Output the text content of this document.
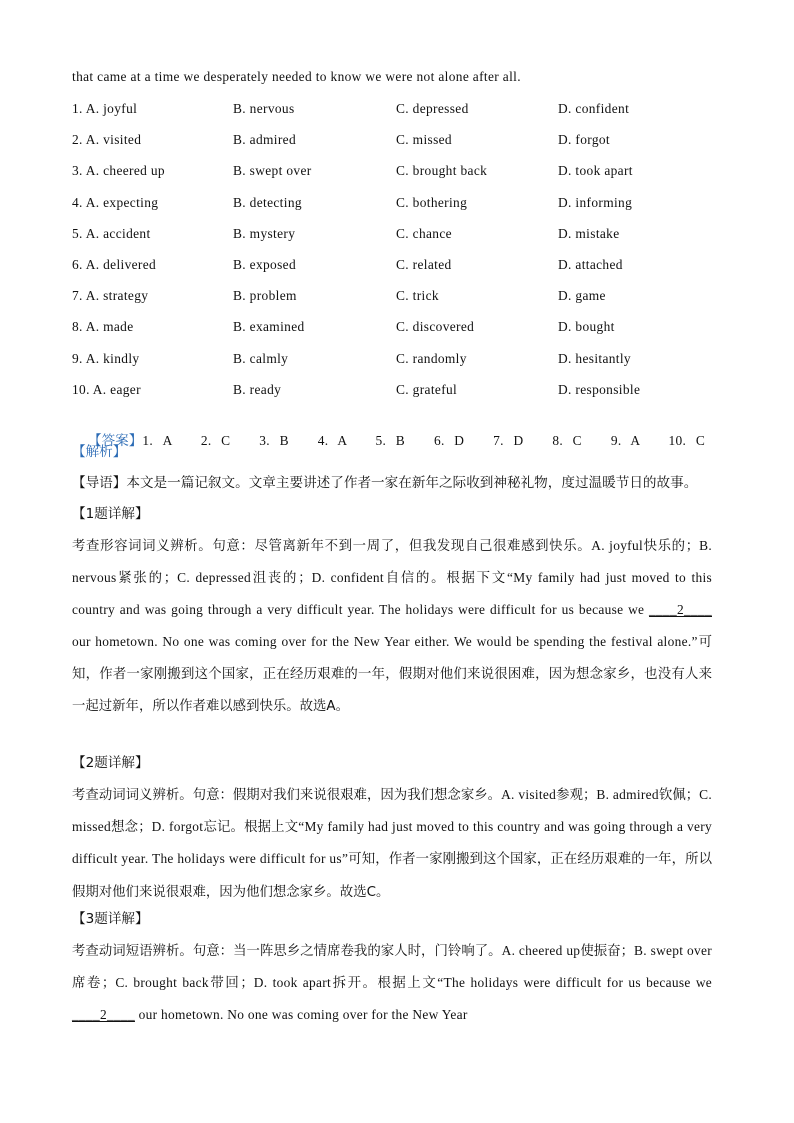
that came at a time we desperately needed to know we were not alone after all.
1. A. joyful	B. nervous	C. depressed	D. confident
2. A. visited	B. admired	C. missed	D. forgot
3. A. cheered up	B. swept over	C. brought back	D. took apart
4. A. expecting	B. detecting	C. bothering	D. informing
5. A. accident	B. mystery	C. chance	D. mistake
6. A. delivered	B. exposed	C. related	D. attached
7. A. strategy	B. problem	C. trick	D. game
8. A. made	B. examined	C. discovered	D. bought
9. A. kindly	B. calmly	C. randomly	D. hesitantly
10. A. eager	B. ready	C. grateful	D. responsible

【答案】1. A   2. C   3. B   4. A   5. B   6. D   7. D   8. C   9. A   10. C

【解析】
【导语】本文是一篇记叙文。文章主要讲述了作者一家在新年之际收到神秘礼物，度过温暖节日的故事。
【1题详解】
考查形容词词义辨析。句意：尽管离新年不到一周了，但我发现自己很难感到快乐。A. joyful快乐的；B. nervous紧张的；C. depressed沮丧的；D. confident自信的。根据下文“My family had just moved to this country and was going through a very difficult year. The holidays were difficult for us because we ____2____ our hometown. No one was coming over for the New Year either. We would be spending the festival alone.”可知，作者一家刚搬到这个国家，正在经历艰难的一年，假期对他们来说很困难，因为想念家乡，也没有人来一起过新年，所以作者难以感到快乐。故选A。
【2题详解】
考查动词词义辨析。句意：假期对我们来说很艰难，因为我们想念家乡。A. visited参观；B. admired钦佩；C. missed想念；D. forgot忘记。根据上文“My family had just moved to this country and was going through a very difficult year. The holidays were difficult for us”可知，作者一家刚搬到这个国家，正在经历艰难的一年，所以假期对他们来说很艰难，因为他们想念家乡。故选C。
【3题详解】
考查动词短语辨析。句意：当一阵思乡之情席卷我的家人时，门铃响了。A. cheered up使振奋；B. swept over席卷；C. brought back带回；D. took apart拆开。根据上文“The holidays were difficult for us because we ____2____ our hometown. No one was coming over for the New Year
